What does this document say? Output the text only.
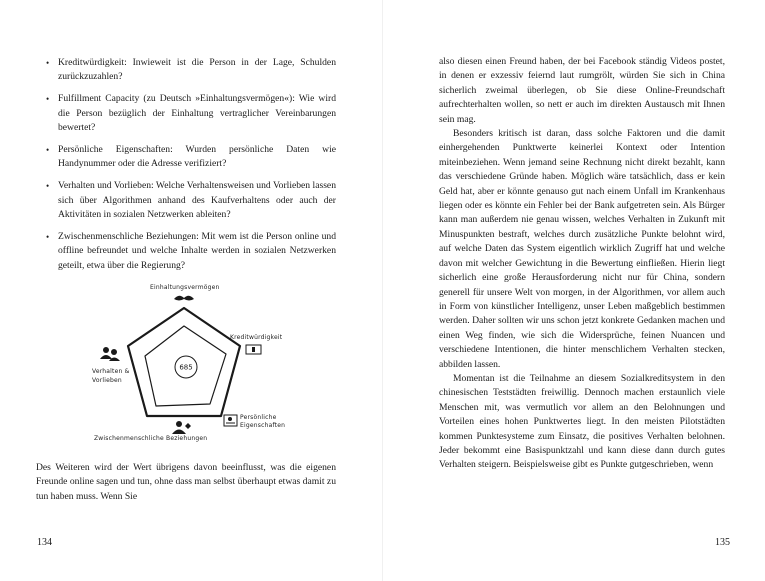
• Kreditwürdigkeit: Inwieweit ist die Person in der Lage, Schulden zurückzuzahlen?
• Fulfillment Capacity (zu Deutsch »Einhaltungsvermögen«): Wie wird die Person bezüglich der Einhaltung vertraglicher Vereinbarungen bewertet?
• Persönliche Eigenschaften: Wurden persönliche Daten wie Handynummer oder die Adresse verifiziert?
• Verhalten und Vorlieben: Welche Verhaltensweisen und Vorlieben lassen sich über Algorithmen anhand des Kaufverhaltens oder auch der Aktivitäten in sozialen Netzwerken ableiten?
• Zwischenmenschliche Beziehungen: Mit wem ist die Person online und offline befreundet und welche Inhalte werden in sozialen Netzwerken geteilt, etwa über die Regierung?
685
Einhaltungsvermögen
Kreditwürdigkeit
Persönliche Eigenschaften
Zwischenmenschliche Beziehungen
Verhalten & Vorlieben
Des Weiteren wird der Wert übrigens davon beeinflusst, was die eigenen Freunde online sagen und tun, ohne dass man selbst überhaupt etwas damit zu tun haben muss. Wenn Sie
134

also diesen einen Freund haben, der bei Facebook ständig Videos postet, in denen er exzessiv feiernd laut rumgrölt, würden Sie sich in China sicherlich zweimal überlegen, ob Sie diese Online-Freundschaft aufrechterhalten wollen, so nett er auch im direkten Austausch mit Ihnen sein mag.

Besonders kritisch ist daran, dass solche Faktoren und die damit einhergehenden Punktwerte keinerlei Kontext oder Intention miteinbeziehen. Wenn jemand seine Rechnung nicht direkt bezahlt, kann das verschiedene Gründe haben. Möglich wäre tatsächlich, dass er kein Geld hat, aber er könnte genauso gut nach einem Unfall im Krankenhaus liegen oder es könnte ein Fehler bei der Bank aufgetreten sein. Als Bürger kann man außerdem nie genau wissen, welches Verhalten in Zukunft mit Minuspunkten bestraft, welches durch zusätzliche Punkte belohnt wird, auf welche Daten das System eigentlich wirklich Zugriff hat und welche davon mit welcher Gewichtung in die Bewertung einfließen. Hierin liegt sicherlich eine große Herausforderung nicht nur für China, sondern generell für unsere Welt von morgen, in der Algorithmen, vor allem auch in Form von künstlicher Intelligenz, unser Leben maßgeblich bestimmen werden. Daher sollten wir uns schon jetzt konkrete Gedanken machen und einen Weg finden, wie sich die Widersprüche, feinen Nuancen und verschiedene Intentionen, die hinter menschlichem Verhalten stecken, abbilden lassen.

Momentan ist die Teilnahme an diesem Sozialkreditsystem in den chinesischen Teststädten freiwillig. Dennoch machen erstaunlich viele Menschen mit, was vermutlich vor allem an den Belohnungen und Vorteilen eines hohen Punktwertes liegt. In den meisten Pilotstädten kommen Punktesysteme zum Einsatz, die positives Verhalten belohnen. Jeder bekommt eine Basispunktzahl und kann diese dann durch gutes Verhalten steigern. Beispielsweise gibt es Punkte gutgeschrieben, wenn

135
